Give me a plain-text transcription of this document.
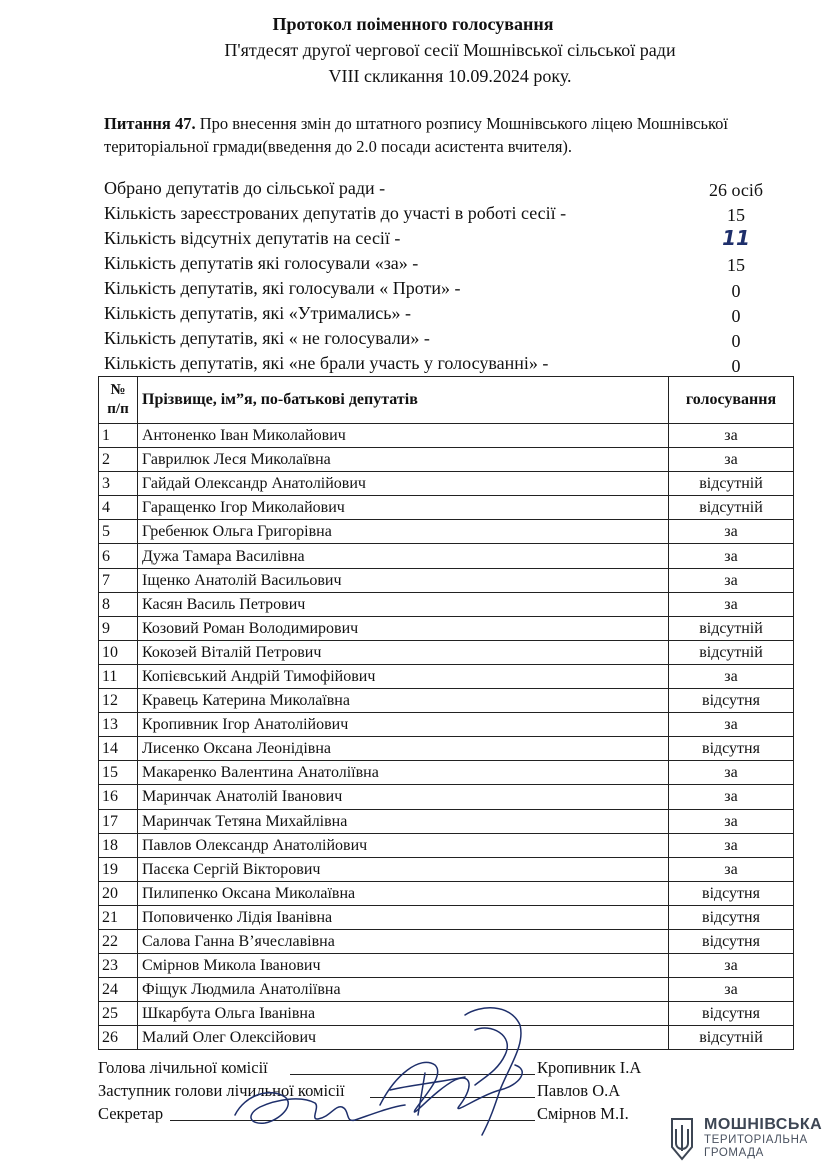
Протокол поіменного голосування
П'ятдесят другої чергової сесії Мошнівської сільської ради
VIII скликання 10.09.2024 року.
Питання 47. Про внесення змін до штатного розпису Мошнівського ліцею Мошнівської територіальної грмади(введення до 2.0 посади асистента вчителя).
Обрано депутатів до сільської ради -	26 осіб
Кількість зареєстрованих депутатів до участі в роботі сесії -	15
Кількість відсутніх депутатів на сесії -	11
Кількість депутатів які голосували «за» -	15
Кількість депутатів, які голосували « Проти» -	0
Кількість депутатів, які «Утримались» -	0
Кількість депутатів, які « не голосували» -	0
Кількість депутатів, які «не брали участь у голосуванні» -	0
№
п/п	Прізвище, ім”я, по-батькові депутатів	голосування
1	Антоненко Іван Миколайович	за
2	Гаврилюк Леся Миколаївна	за
3	Гайдай Олександр Анатолійович	відсутній
4	Гаращенко Ігор Миколайович	відсутній
5	Гребенюк Ольга Григорівна	за
6	Дужа Тамара Василівна	за
7	Іщенко Анатолій Васильович	за
8	Касян Василь Петрович	за
9	Козовий Роман Володимирович	відсутній
10	Кокозей Віталій Петрович	відсутній
11	Копієвський Андрій Тимофійович	за
12	Кравець Катерина Миколаївна	відсутня
13	Кропивник Ігор Анатолійович	за
14	Лисенко Оксана Леонідівна	відсутня
15	Макаренко Валентина Анатоліївна	за
16	Маринчак Анатолій Іванович	за
17	Маринчак Тетяна Михайлівна	за
18	Павлов Олександр Анатолійович	за
19	Пасєка Сергій Вікторович	за
20	Пилипенко Оксана Миколаївна	відсутня
21	Поповиченко Лідія Іванівна	відсутня
22	Салова Ганна В’ячеславівна	відсутня
23	Смірнов Микола Іванович	за
24	Фіщук Людмила Анатоліївна	за
25	Шкарбута Ольга Іванівна	відсутня
26	Малий Олег Олексійович	відсутній
Голова лічильної комісії	Кропивник І.А
Заступник голови лічильної комісії	Павлов О.А
Секретар	Смірнов М.І.
МОШНІВСЬКА
ТЕРИТОРІАЛЬНА
ГРОМАДА
